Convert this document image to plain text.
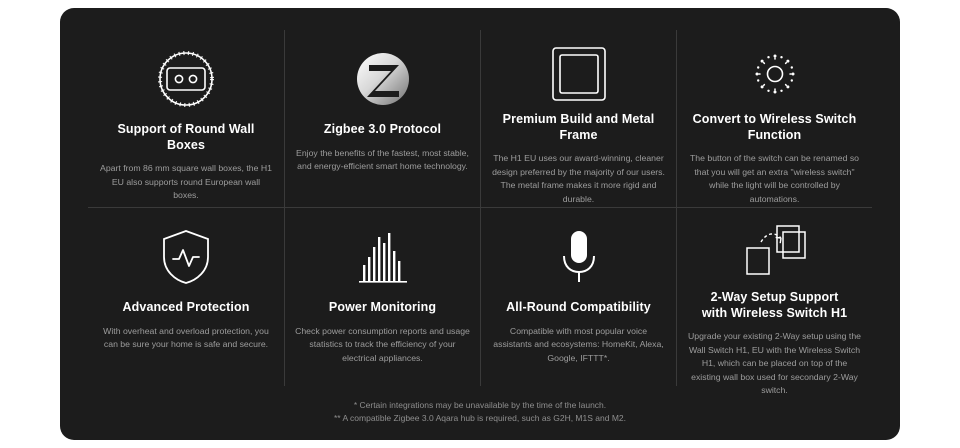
Support of Round Wall Boxes
Apart from 86 mm square wall boxes, the H1 EU also supports round European wall boxes.
Zigbee 3.0 Protocol
Enjoy the benefits of the fastest, most stable, and energy-efficient smart home technology.
Premium Build and Metal Frame
The H1 EU uses our award-winning, cleaner design preferred by the majority of our users. The metal frame makes it more rigid and durable.
Convert to Wireless Switch Function
The button of the switch can be renamed so that you will get an extra "wireless switch" while the light will be controlled by automations.
Advanced Protection
With overheat and overload protection, you can be sure your home is safe and secure.
Power Monitoring
Check power consumption reports and usage statistics to track the efficiency of your electrical appliances.
All-Round Compatibility
Compatible with most popular voice assistants and ecosystems: HomeKit, Alexa, Google, IFTTT*.
2-Way Setup Support
with Wireless Switch H1
Upgrade your existing 2-Way setup using the Wall Switch H1, EU with the Wireless Switch H1, which can be placed on top of the existing wall box used for secondary 2-Way switch.
* Certain integrations may be unavailable by the time of the launch.
** A compatible Zigbee 3.0 Aqara hub is required, such as G2H, M1S and M2.
